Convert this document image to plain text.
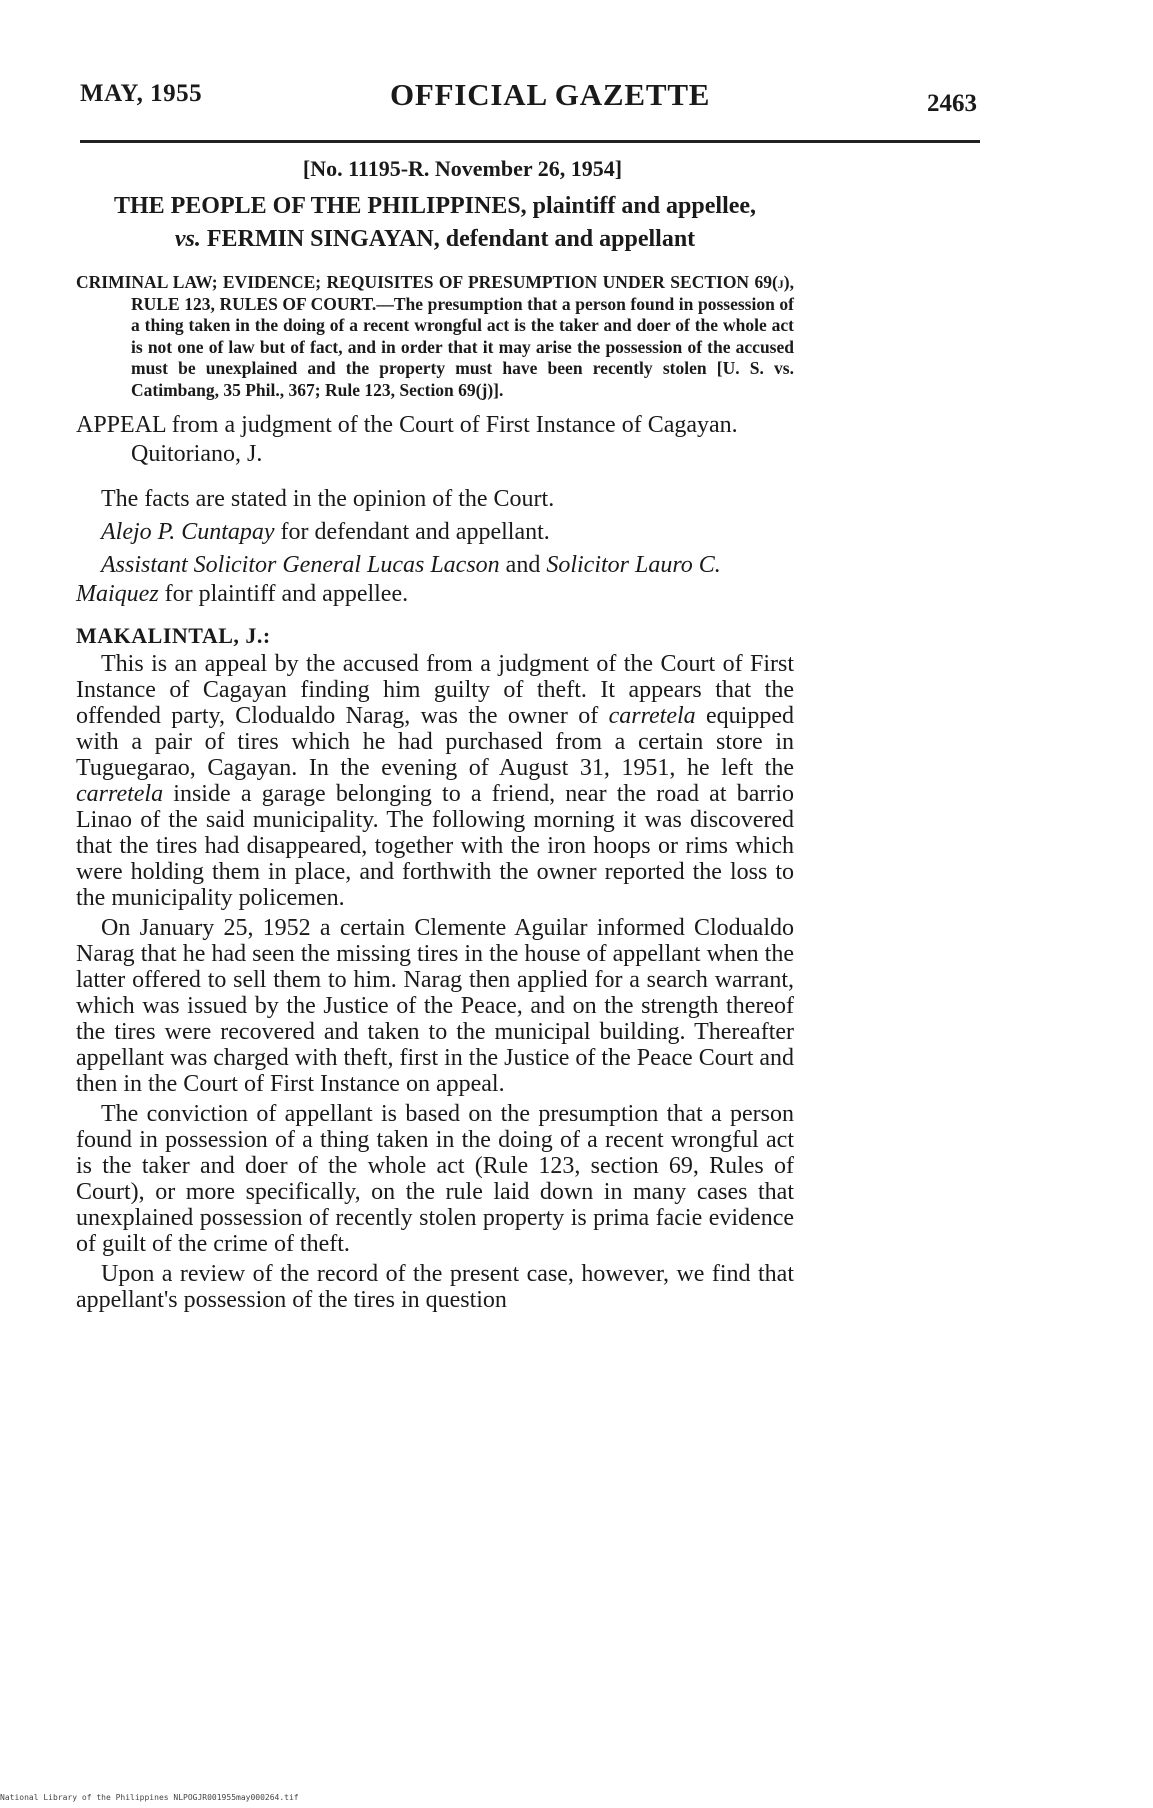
MAY, 1955	OFFICIAL GAZETTE	2463

[No. 11195-R. November 26, 1954]

THE PEOPLE OF THE PHILIPPINES, plaintiff and appellee,
vs. FERMIN SINGAYAN, defendant and appellant

CRIMINAL LAW; EVIDENCE; REQUISITES OF PRESUMPTION UNDER SECTION 69(j), RULE 123, RULES OF COURT.—The presumption that a person found in possession of a thing taken in the doing of a recent wrongful act is the taker and doer of the whole act is not one of law but of fact, and in order that it may arise the possession of the accused must be unexplained and the property must have been recently stolen [U. S. vs. Catimbang, 35 Phil., 367; Rule 123, Section 69(j)].

APPEAL from a judgment of the Court of First Instance of Cagayan. Quitoriano, J.

The facts are stated in the opinion of the Court.

Alejo P. Cuntapay for defendant and appellant.

Assistant Solicitor General Lucas Lacson and Solicitor Lauro C. Maiquez for plaintiff and appellee.

MAKALINTAL, J.:

This is an appeal by the accused from a judgment of the Court of First Instance of Cagayan finding him guilty of theft. It appears that the offended party, Clodualdo Narag, was the owner of carretela equipped with a pair of tires which he had purchased from a certain store in Tuguegarao, Cagayan. In the evening of August 31, 1951, he left the carretela inside a garage belonging to a friend, near the road at barrio Linao of the said municipality. The following morning it was discovered that the tires had disappeared, together with the iron hoops or rims which were holding them in place, and forthwith the owner reported the loss to the municipality policemen.

On January 25, 1952 a certain Clemente Aguilar informed Clodualdo Narag that he had seen the missing tires in the house of appellant when the latter offered to sell them to him. Narag then applied for a search warrant, which was issued by the Justice of the Peace, and on the strength thereof the tires were recovered and taken to the municipal building. Thereafter appellant was charged with theft, first in the Justice of the Peace Court and then in the Court of First Instance on appeal.

The conviction of appellant is based on the presumption that a person found in possession of a thing taken in the doing of a recent wrongful act is the taker and doer of the whole act (Rule 123, section 69, Rules of Court), or more specifically, on the rule laid down in many cases that unexplained possession of recently stolen property is prima facie evidence of guilt of the crime of theft.

Upon a review of the record of the present case, however, we find that appellant's possession of the tires in question

National Library of the Philippines NLPOGJR001955may000264.tif
